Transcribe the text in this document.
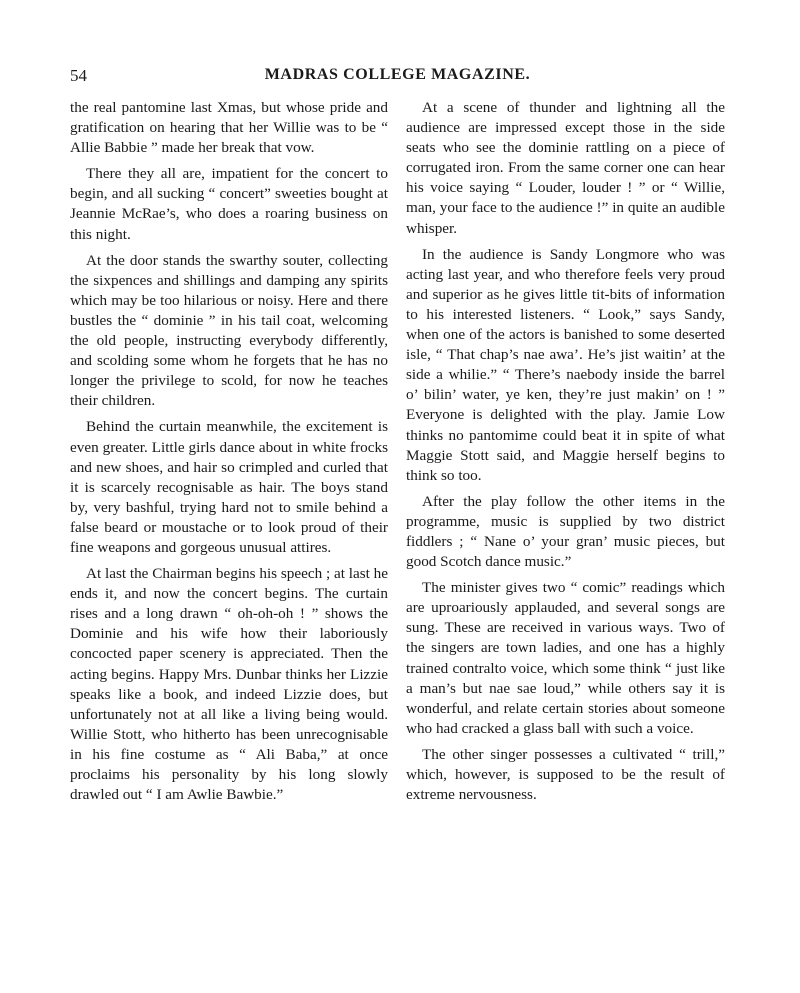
54	MADRAS COLLEGE MAGAZINE.

the real pantomine last Xmas, but whose pride and gratification on hearing that her Willie was to be “ Allie Babbie ” made her break that vow.

There they all are, impatient for the concert to begin, and all sucking “ concert” sweeties bought at Jeannie McRae’s, who does a roaring business on this night.

At the door stands the swarthy souter, collecting the sixpences and shillings and damping any spirits which may be too hilarious or noisy. Here and there bustles the “ dominie ” in his tail coat, welcoming the old people, instructing everybody differently, and scolding some whom he forgets that he has no longer the privilege to scold, for now he teaches their children.

Behind the curtain meanwhile, the excitement is even greater. Little girls dance about in white frocks and new shoes, and hair so crimpled and curled that it is scarcely recognisable as hair. The boys stand by, very bashful, trying hard not to smile behind a false beard or moustache or to look proud of their fine weapons and gorgeous unusual attires.

At last the Chairman begins his speech ; at last he ends it, and now the concert begins. The curtain rises and a long drawn “ oh-oh-oh ! ” shows the Dominie and his wife how their laboriously concocted paper scenery is appreciated. Then the acting begins. Happy Mrs. Dunbar thinks her Lizzie speaks like a book, and indeed Lizzie does, but unfortunately not at all like a living being would. Willie Stott, who hitherto has been unrecognisable in his fine costume as “ Ali Baba,” at once proclaims his personality by his long slowly drawled out “ I am Awlie Bawbie.”

At a scene of thunder and lightning all the audience are impressed except those in the side seats who see the dominie rattling on a piece of corrugated iron. From the same corner one can hear his voice saying “ Louder, louder ! ” or “ Willie, man, your face to the audience !” in quite an audible whisper.

In the audience is Sandy Longmore who was acting last year, and who therefore feels very proud and superior as he gives little tit-bits of information to his interested listeners. “ Look,” says Sandy, when one of the actors is banished to some deserted isle, “ That chap’s nae awa’. He’s jist waitin’ at the side a whilie.” “ There’s naebody inside the barrel o’ bilin’ water, ye ken, they’re just makin’ on ! ” Everyone is delighted with the play. Jamie Low thinks no pantomime could beat it in spite of what Maggie Stott said, and Maggie herself begins to think so too.

After the play follow the other items in the programme, music is supplied by two district fiddlers ; “ Nane o’ your gran’ music pieces, but good Scotch dance music.”

The minister gives two “ comic” readings which are uproariously applauded, and several songs are sung. These are received in various ways. Two of the singers are town ladies, and one has a highly trained contralto voice, which some think “ just like a man’s but nae sae loud,” while others say it is wonderful, and relate certain stories about someone who had cracked a glass ball with such a voice.

The other singer possesses a cultivated “ trill,” which, however, is supposed to be the result of extreme nervousness.
